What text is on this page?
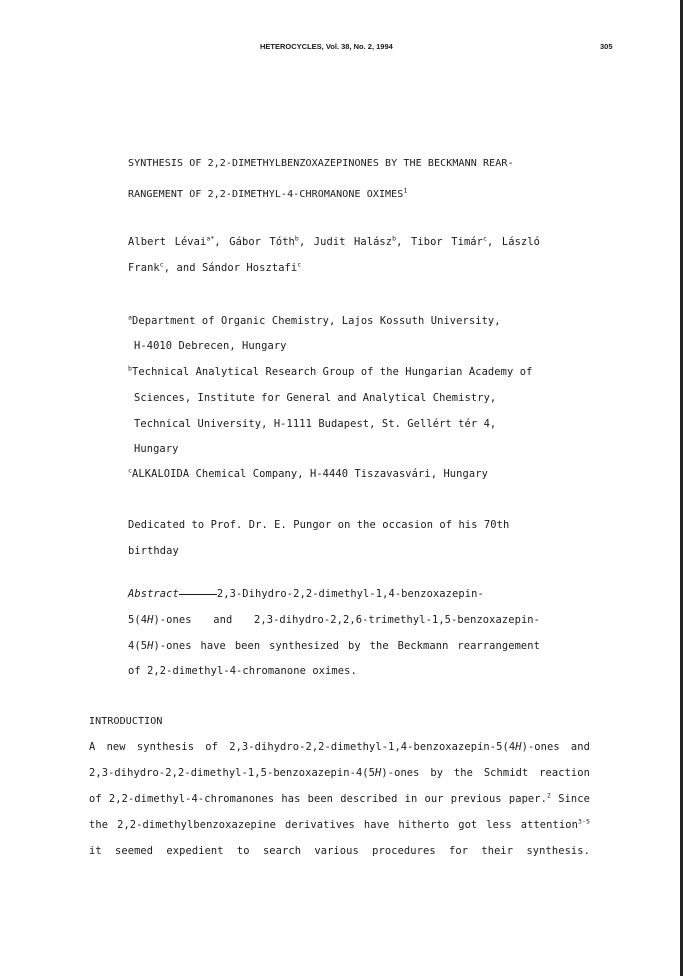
HETEROCYCLES, Vol. 38, No. 2, 1994	305
SYNTHESIS OF 2,2-DIMETHYLBENZOXAZEPINONES BY THE BECKMANN REAR-
RANGEMENT OF 2,2-DIMETHYL-4-CHROMANONE OXIMES$^1$
Albert Lévai$^{a*}$, Gábor Tóth$^b$, Judit Halász$^b$, Tibor Timár$^c$, László
Frank$^c$, and Sándor Hosztafi$^c$
$^a$Department of Organic Chemistry, Lajos Kossuth University,
H-4010 Debrecen, Hungary
$^b$Technical Analytical Research Group of the Hungarian Academy of
Sciences, Institute for General and Analytical Chemistry,
Technical University, H-1111 Budapest, St. Gellért tér 4,
Hungary
$^c$ALKALOIDA Chemical Company, H-4440 Tiszavasvári, Hungary
Dedicated to Prof. Dr. E. Pungor on the occasion of his 70th
birthday
Abstract	2,3-Dihydro-2,2-dimethyl-1,4-benzoxazepin-
5(4H)-ones and 2,3-dihydro-2,2,6-trimethyl-1,5-benzoxazepin-
4(5H)-ones have been synthesized by the Beckmann rearrangement
of 2,2-dimethyl-4-chromanone oximes.
INTRODUCTION
A new synthesis of 2,3-dihydro-2,2-dimethyl-1,4-benzoxazepin-5(4H)-ones and
2,3-dihydro-2,2-dimethyl-1,5-benzoxazepin-4(5H)-ones by the Schmidt reaction
of 2,2-dimethyl-4-chromanones has been described in our previous paper.$^2$ Since
the 2,2-dimethylbenzoxazepine derivatives have hitherto got less attention$^{3-5}$
it seemed expedient to search various procedures for their synthesis.
